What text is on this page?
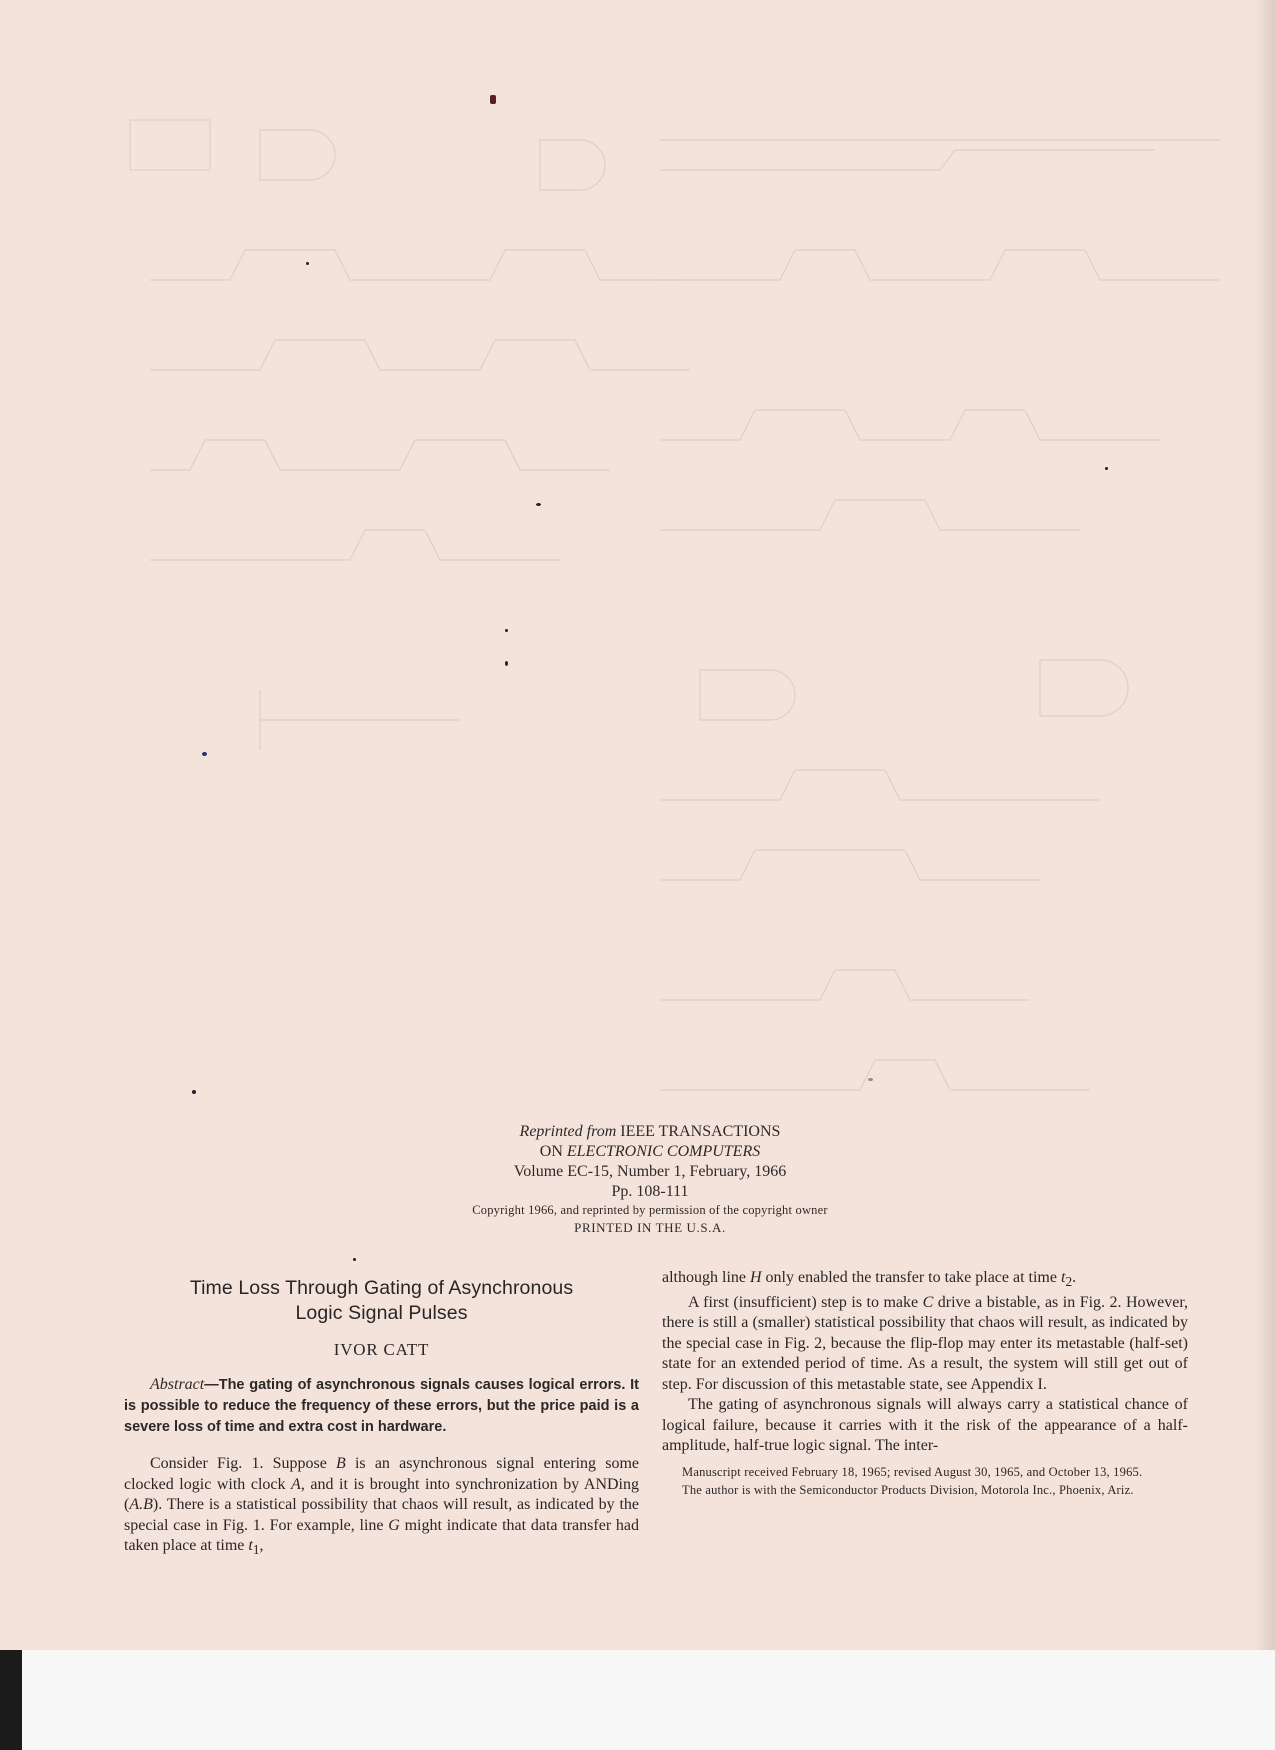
Reprinted from IEEE TRANSACTIONS
ON ELECTRONIC COMPUTERS
Volume EC-15, Number 1, February, 1966
Pp. 108-111
Copyright 1966, and reprinted by permission of the copyright owner
PRINTED IN THE U.S.A.
Time Loss Through Gating of Asynchronous
Logic Signal Pulses
IVOR CATT

Abstract—The gating of asynchronous signals causes logical errors. It is possible to reduce the frequency of these errors, but the price paid is a severe loss of time and extra cost in hardware.

Consider Fig. 1. Suppose B is an asynchronous signal entering some clocked logic with clock A, and it is brought into synchronization by ANDing (A.B). There is a statistical possibility that chaos will result, as indicated by the special case in Fig. 1. For example, line G might indicate that data transfer had taken place at time $t_1$,

although line H only enabled the transfer to take place at time $t_2$.

A first (insufficient) step is to make C drive a bistable, as in Fig. 2. However, there is still a (smaller) statistical possibility that chaos will result, as indicated by the special case in Fig. 2, because the flip-flop may enter its metastable (half-set) state for an extended period of time. As a result, the system will still get out of step. For discussion of this metastable state, see Appendix I.

The gating of asynchronous signals will always carry a statistical chance of logical failure, because it carries with it the risk of the appearance of a half-amplitude, half-true logic signal. The inter-

Manuscript received February 18, 1965; revised August 30, 1965, and October 13, 1965.

The author is with the Semiconductor Products Division, Motorola Inc., Phoenix, Ariz.
